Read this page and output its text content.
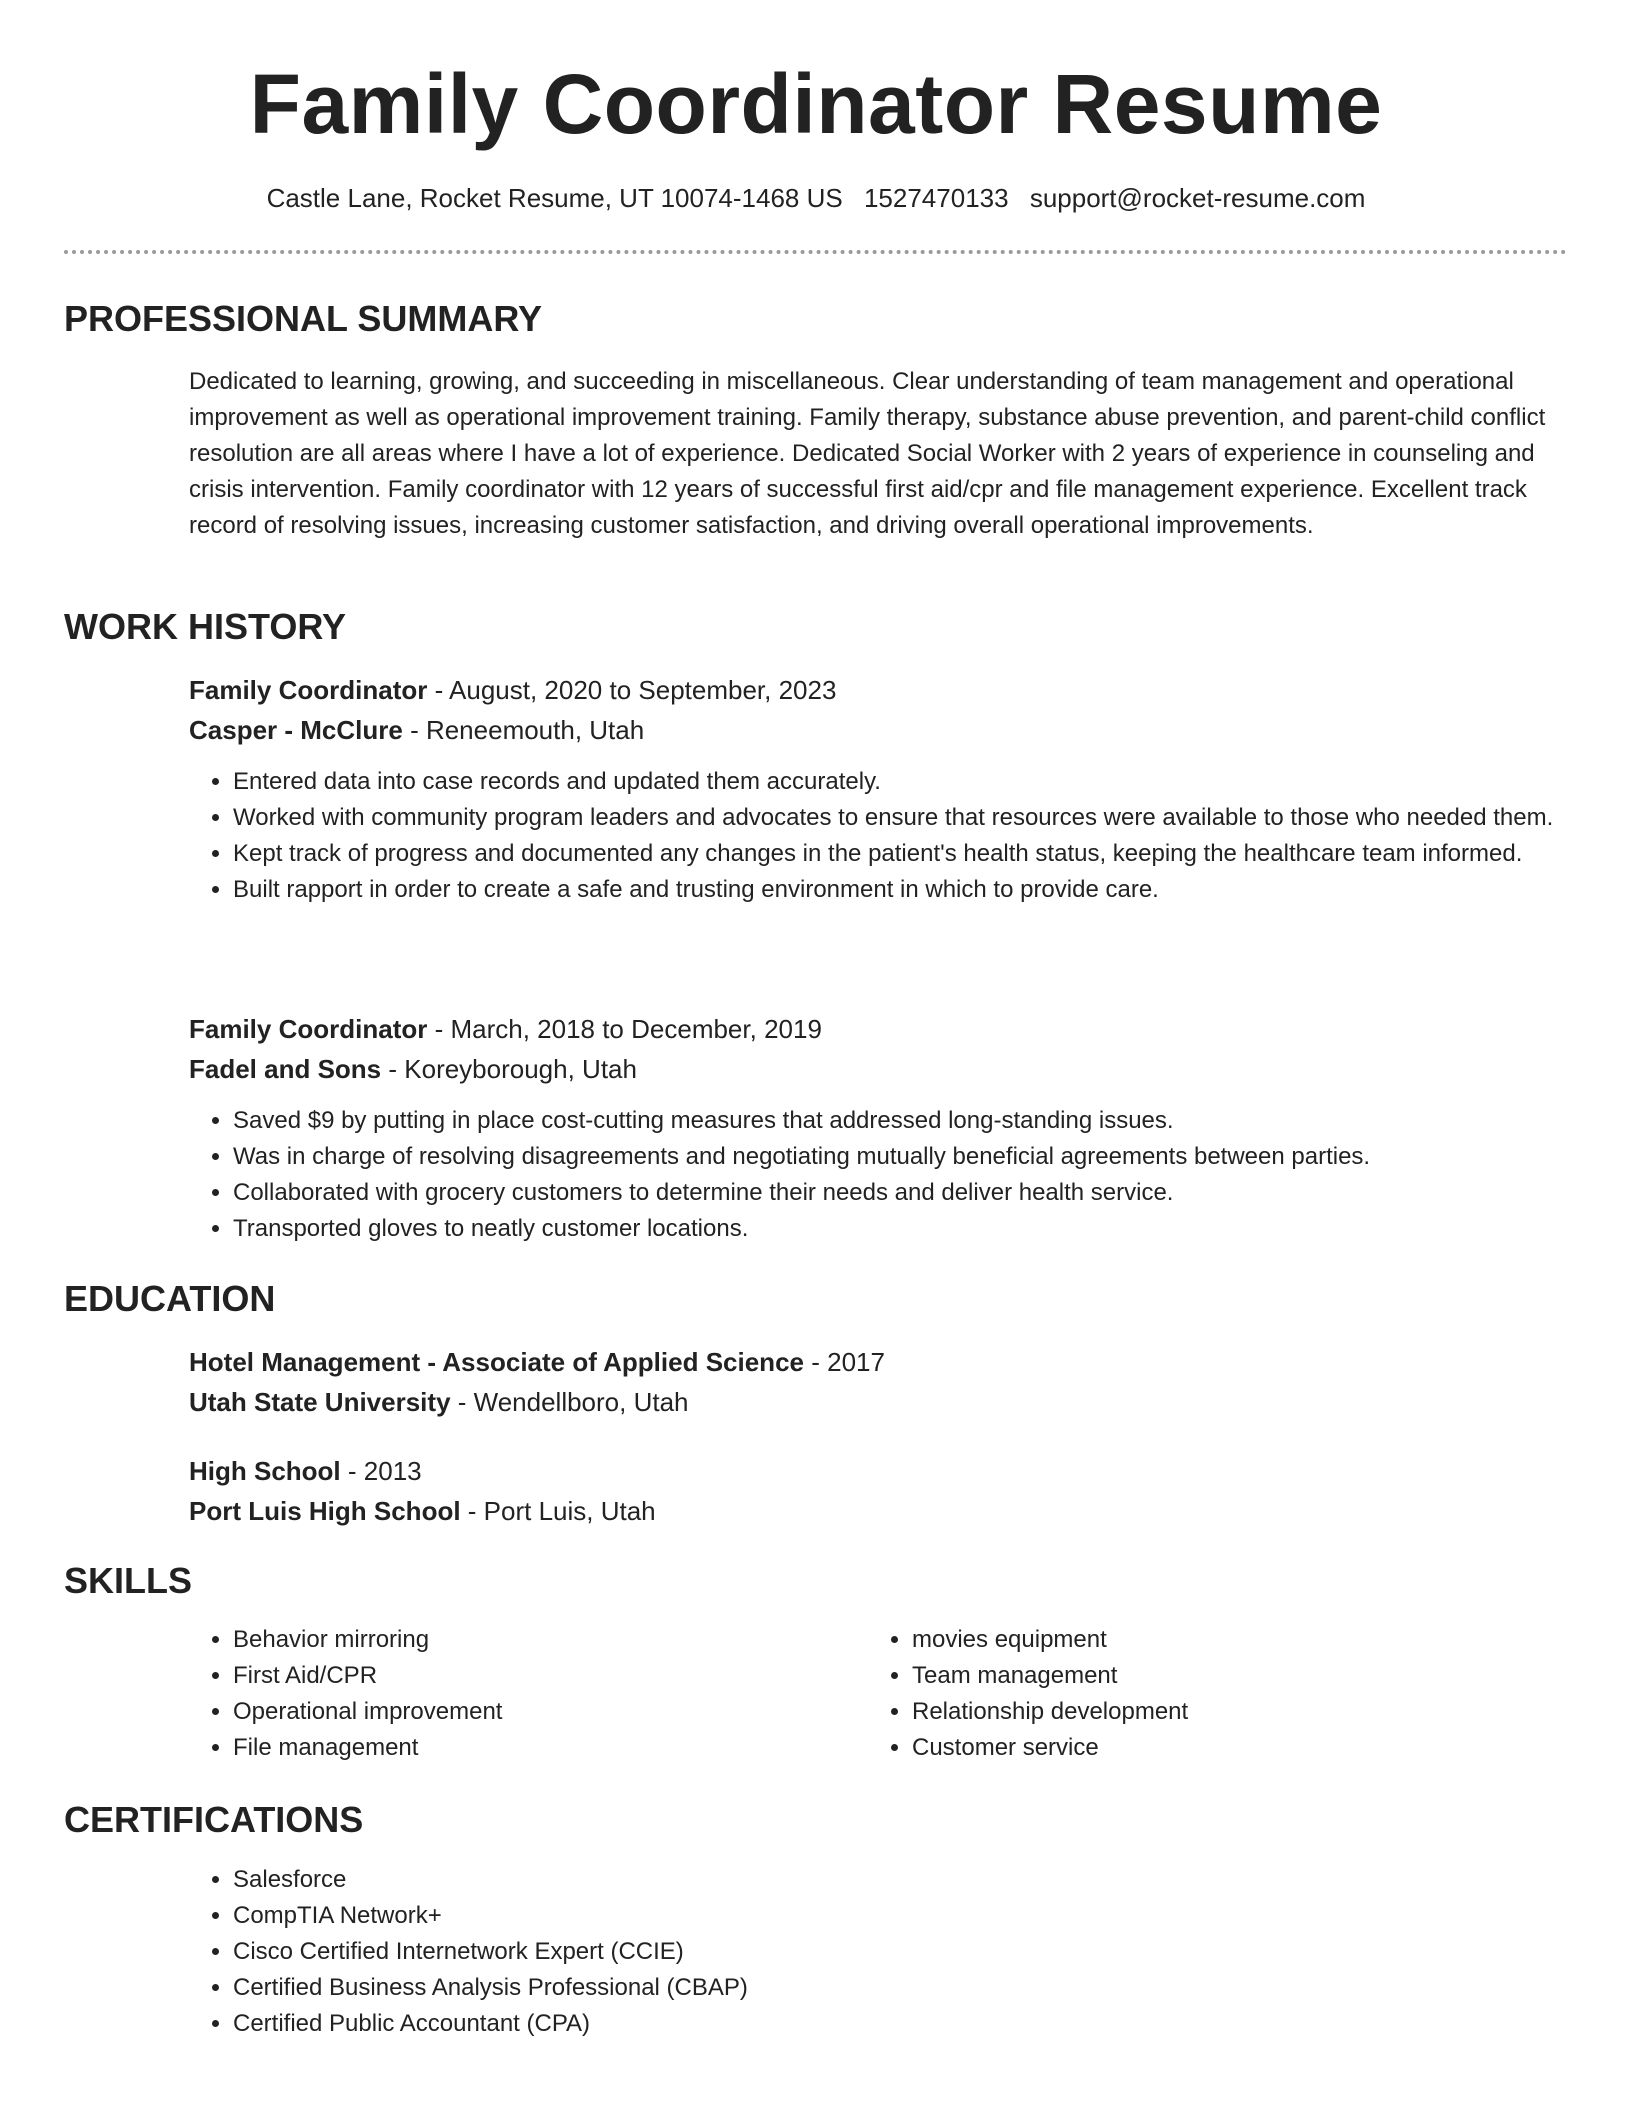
Family Coordinator Resume
Castle Lane, Rocket Resume, UT 10074-1468 US 1527470133 support@rocket-resume.com
PROFESSIONAL SUMMARY

Dedicated to learning, growing, and succeeding in miscellaneous. Clear understanding of team management and operational improvement as well as operational improvement training. Family therapy, substance abuse prevention, and parent-child conflict resolution are all areas where I have a lot of experience. Dedicated Social Worker with 2 years of experience in counseling and crisis intervention. Family coordinator with 12 years of successful first aid/cpr and file management experience. Excellent track record of resolving issues, increasing customer satisfaction, and driving overall operational improvements.

WORK HISTORY
Family Coordinator - August, 2020 to September, 2023
Casper - McClure - Reneemouth, Utah
• Entered data into case records and updated them accurately.
• Worked with community program leaders and advocates to ensure that resources were available to those who needed them.
• Kept track of progress and documented any changes in the patient's health status, keeping the healthcare team informed.
• Built rapport in order to create a safe and trusting environment in which to provide care.
Family Coordinator - March, 2018 to December, 2019
Fadel and Sons - Koreyborough, Utah
• Saved $9 by putting in place cost-cutting measures that addressed long-standing issues.
• Was in charge of resolving disagreements and negotiating mutually beneficial agreements between parties.
• Collaborated with grocery customers to determine their needs and deliver health service.
• Transported gloves to neatly customer locations.
EDUCATION
Hotel Management - Associate of Applied Science - 2017
Utah State University - Wendellboro, Utah
High School - 2013
Port Luis High School - Port Luis, Utah
SKILLS
• Behavior mirroring
• First Aid/CPR
• Operational improvement
• File management
• movies equipment
• Team management
• Relationship development
• Customer service
CERTIFICATIONS
• Salesforce
• CompTIA Network+
• Cisco Certified Internetwork Expert (CCIE)
• Certified Business Analysis Professional (CBAP)
• Certified Public Accountant (CPA)
